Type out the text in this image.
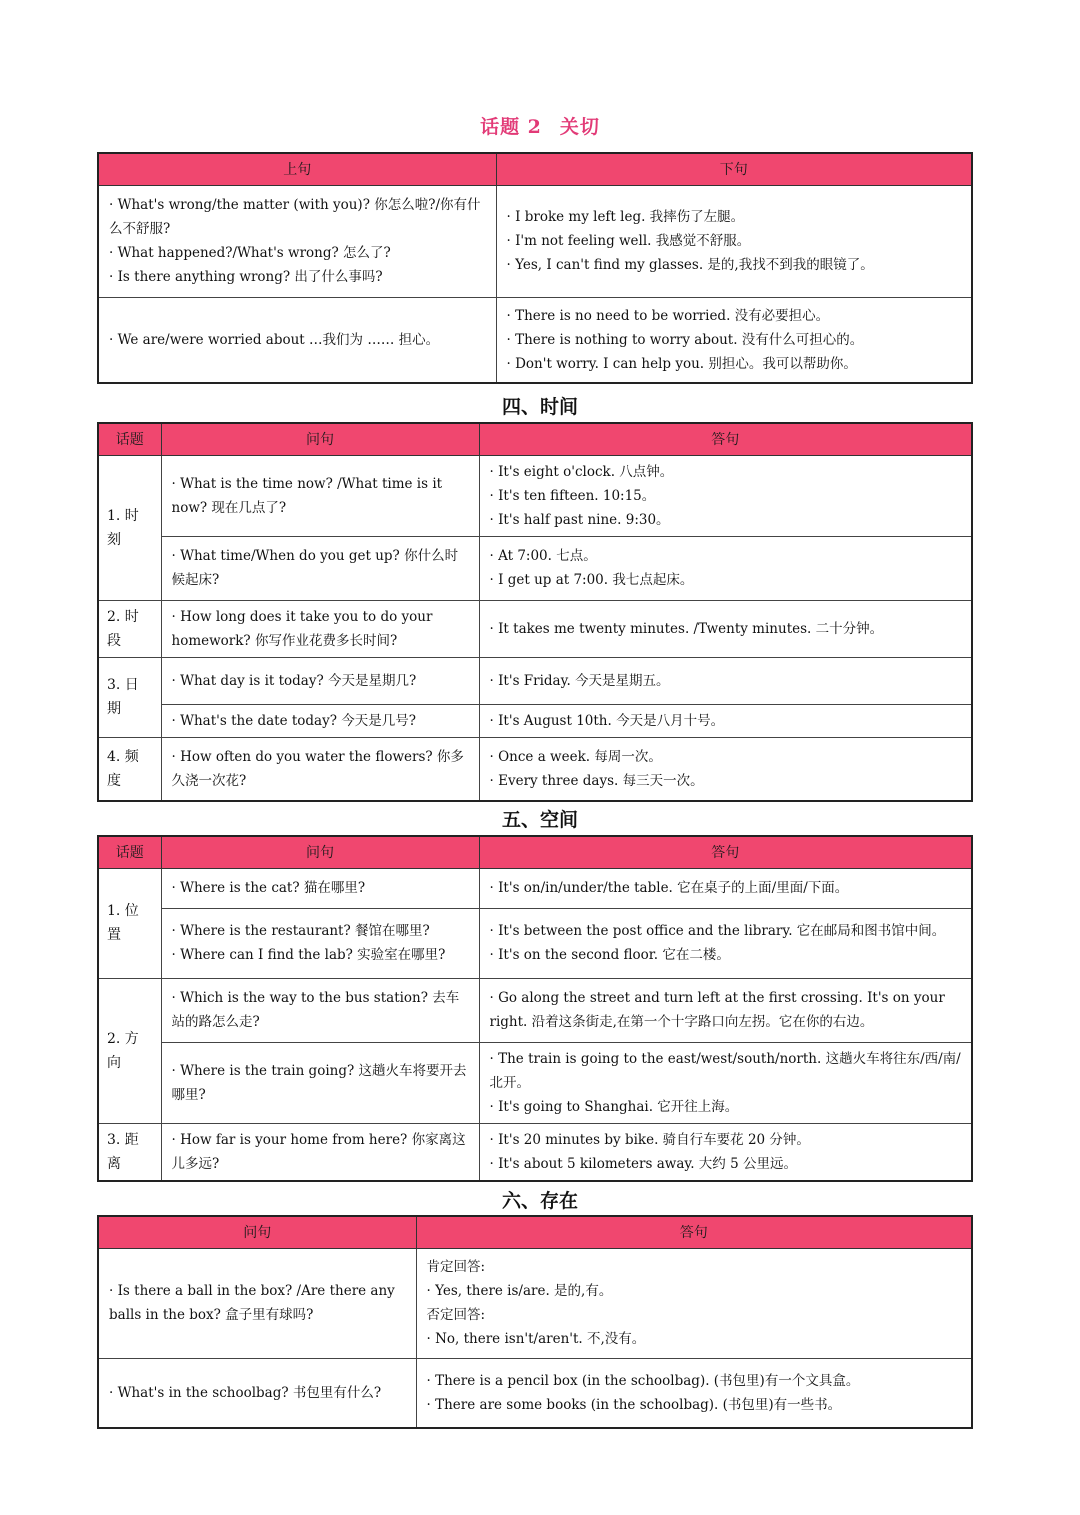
话题 2 关切
上句	下句

· What's wrong/the matter (with you)? 你怎么啦?/你有什么不舒服?
· What happened?/What's wrong? 怎么了?
· Is there anything wrong? 出了什么事吗?	· I broke my left leg. 我摔伤了左腿。
· I'm not feeling well. 我感觉不舒服。
· Yes, I can't find my glasses. 是的,我找不到我的眼镜了。

· We are/were worried about …我们为 …… 担心。	· There is no need to be worried. 没有必要担心。
· There is nothing to worry about. 没有什么可担心的。
· Don't worry. I can help you. 别担心。我可以帮助你。
四、时间
话题	问句	答句
1. 时刻	· What is the time now? /What time is it now? 现在几点了?	· It's eight o'clock. 八点钟。
· It's ten fifteen. 10:15。
· It's half past nine. 9:30。

	· What time/When do you get up? 你什么时候起床?	· At 7:00. 七点。
· I get up at 7:00. 我七点起床。

2. 时段	· How long does it take you to do your homework? 你写作业花费多长时间?	· It takes me twenty minutes. /Twenty minutes. 二十分钟。

3. 日期	· What day is it today? 今天是星期几?	· It's Friday. 今天是星期五。

	· What's the date today? 今天是几号?	· It's August 10th. 今天是八月十号。

4. 频度	· How often do you water the flowers? 你多久浇一次花?	· Once a week. 每周一次。
· Every three days. 每三天一次。
五、空间
话题	问句	答句
1. 位置	· Where is the cat? 猫在哪里?	· It's on/in/under/the table. 它在桌子的上面/里面/下面。

	· Where is the restaurant? 餐馆在哪里?
· Where can I find the lab? 实验室在哪里?	· It's between the post office and the library. 它在邮局和图书馆中间。
· It's on the second floor. 它在二楼。

2. 方向	· Which is the way to the bus station? 去车站的路怎么走?	· Go along the street and turn left at the first crossing. It's on your right. 沿着这条街走,在第一个十字路口向左拐。它在你的右边。

	· Where is the train going? 这趟火车将要开去哪里?	· The train is going to the east/west/south/north. 这趟火车将往东/西/南/北开。
· It's going to Shanghai. 它开往上海。

3. 距离	· How far is your home from here? 你家离这儿多远?	· It's 20 minutes by bike. 骑自行车要花 20 分钟。
· It's about 5 kilometers away. 大约 5 公里远。
六、存在
问句	答句

· Is there a ball in the box? /Are there any balls in the box? 盒子里有球吗?	肯定回答:
· Yes, there is/are. 是的,有。
否定回答:
· No, there isn't/aren't. 不,没有。

· What's in the schoolbag? 书包里有什么?	· There is a pencil box (in the schoolbag). (书包里)有一个文具盒。
· There are some books (in the schoolbag). (书包里)有一些书。
